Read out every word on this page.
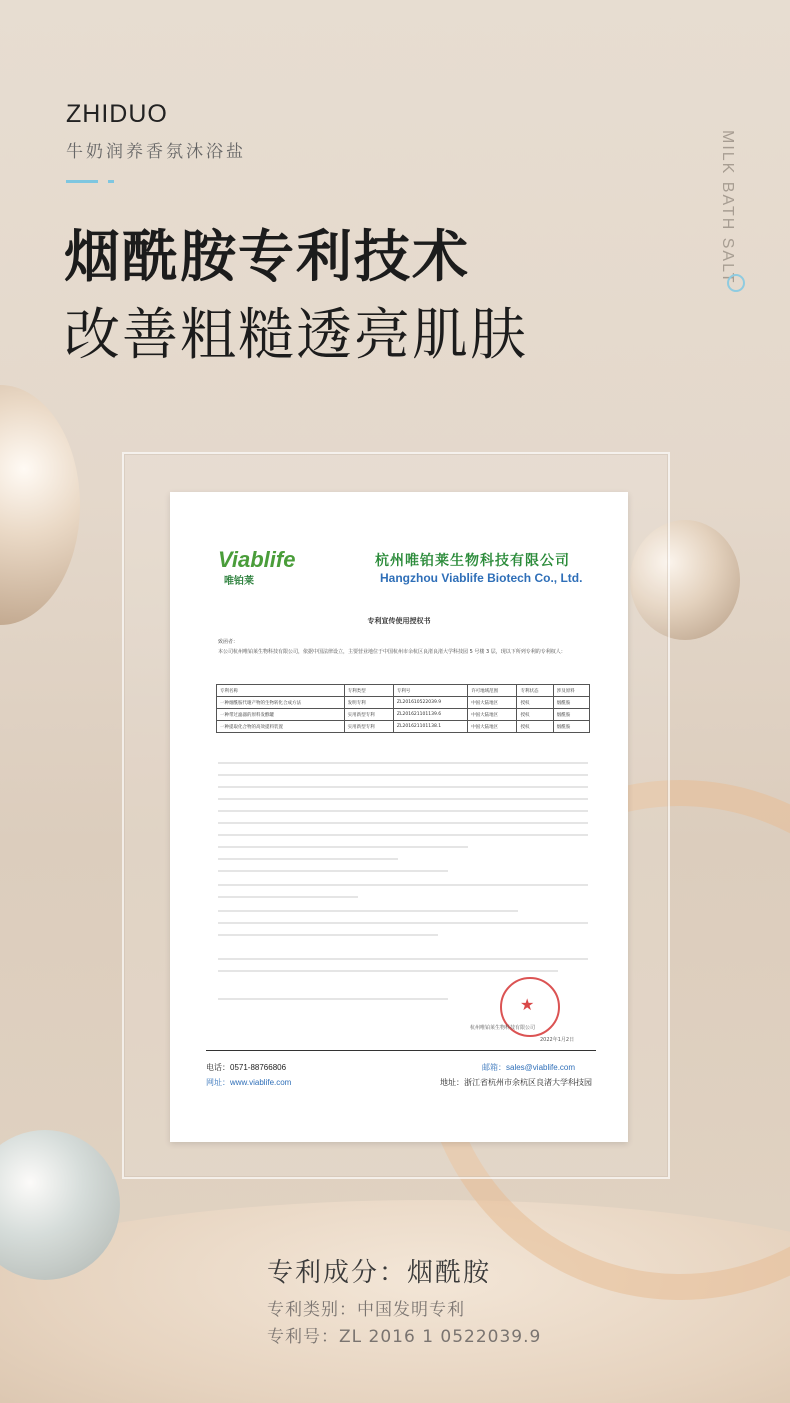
ZHIDUO
牛奶润养香氛沐浴盐	MILK BATH SALT
烟酰胺专利技术
改善粗糙透亮肌肤
Viablife
唯铂莱
杭州唯铂莱生物科技有限公司
Hangzhou Viablife Biotech Co., Ltd.
专利宣传使用授权书
致函者：
本公司杭州唯铂莱生物科技有限公司，依据中国法律设立，主要营业地位于中国杭州市余杭区良渚良渚大学科技园 5 号楼 3 层，现以下所列专利的专利权人：
专利名称	专利类型	专利号	许可地域范围	专利状态	涉及原料
一种烟酰胺代谢产物的生物转化合成方法	发明专利	ZL201610522039.9	中国大陆地区	授权	烟酰胺
一种带过滤器的原料发酵罐	实用新型专利	ZL201621101139.6	中国大陆地区	授权	烟酰胺
一种提取化合物的高效提料装置	实用新型专利	ZL201621101138.1	中国大陆地区	授权	烟酰胺
★
杭州唯铂莱生物科技有限公司
2022年1月2日
电话：0571-88766806
网址：www.viablife.com
邮箱：sales@viablife.com
地址：浙江省杭州市余杭区良渚大学科技园
专利成分：烟酰胺
专利类别：中国发明专利
专利号：ZL 2016 1 0522039.9
